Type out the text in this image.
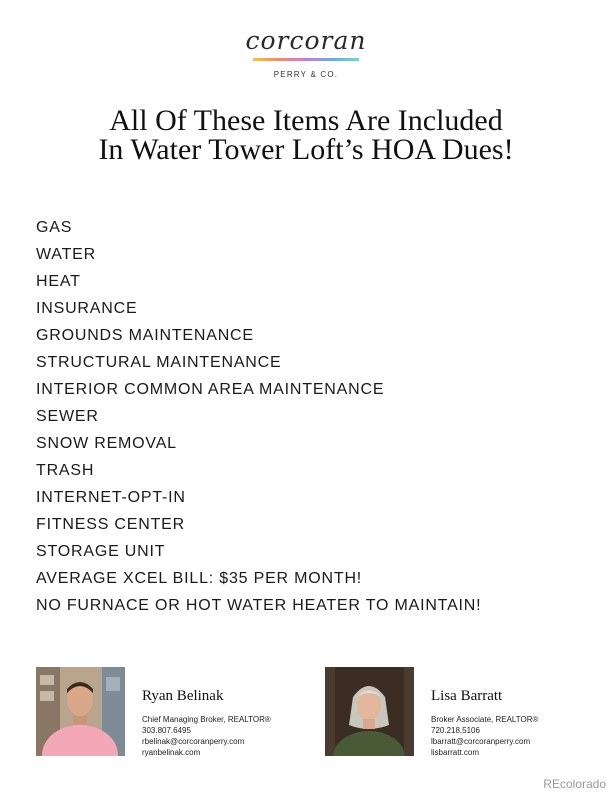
corcoran
PERRY & CO.
All Of These Items Are Included
In Water Tower Loft’s HOA Dues!
GAS
WATER
HEAT
INSURANCE
GROUNDS MAINTENANCE
STRUCTURAL MAINTENANCE
INTERIOR COMMON AREA MAINTENANCE
SEWER
SNOW REMOVAL
TRASH
INTERNET-OPT-IN
FITNESS CENTER
STORAGE UNIT
AVERAGE XCEL BILL: $35 PER MONTH!
NO FURNACE OR HOT WATER HEATER TO MAINTAIN!
Ryan Belinak
Chief Managing Broker, REALTOR®
303.807.6495
rbelinak@corcoranperry.com
ryanbelinak.com
Lisa Barratt
Broker Associate, REALTOR®
720.218.5106
lbarratt@corcoranperry.com
lisbarratt.com
REcolorado
